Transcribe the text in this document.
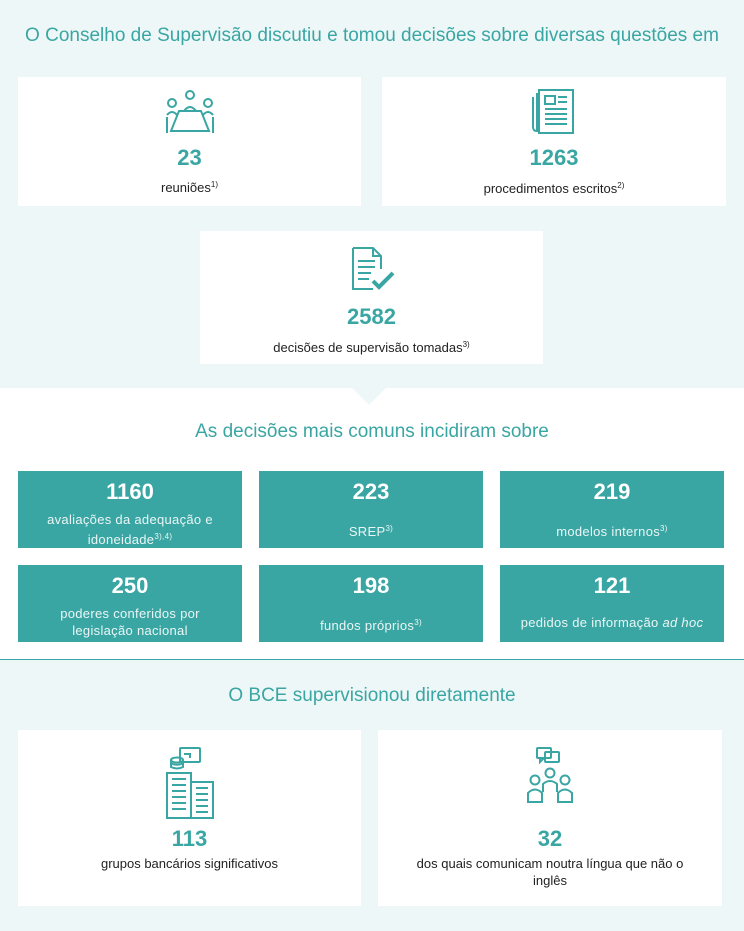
O Conselho de Supervisão discutiu e tomou decisões sobre diversas questões em
23
reuniões$^{1)}$
1263
procedimentos escritos$^{2)}$
2582
decisões de supervisão tomadas$^{3)}$
As decisões mais comuns incidiram sobre
1160
avaliações da adequação e idoneidade$^{3),4)}$
223
SREP$^{3)}$
219
modelos internos$^{3)}$
250
poderes conferidos por legislação nacional
198
fundos próprios$^{3)}$
121
pedidos de informação ad hoc
O BCE supervisionou diretamente
113
grupos bancários significativos
32
dos quais comunicam noutra língua que não o inglês
